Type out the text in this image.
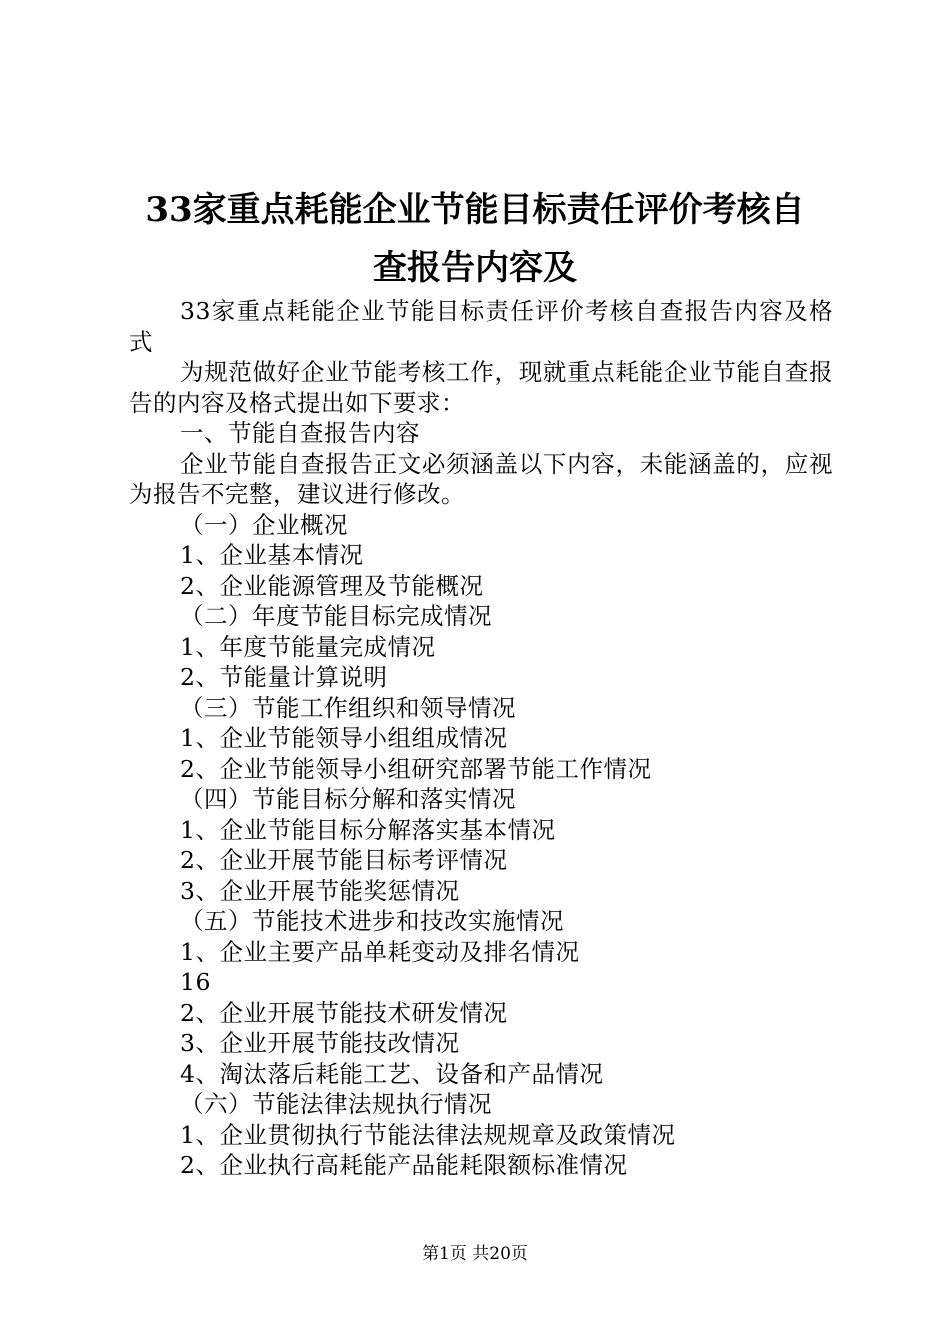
33家重点耗能企业节能目标责任评价考核自
查报告内容及

33家重点耗能企业节能目标责任评价考核自查报告内容及格式

为规范做好企业节能考核工作，现就重点耗能企业节能自查报告的内容及格式提出如下要求：

一、节能自查报告内容

企业节能自查报告正文必须涵盖以下内容，未能涵盖的，应视为报告不完整，建议进行修改。

（一）企业概况

1、企业基本情况

2、企业能源管理及节能概况

（二）年度节能目标完成情况

1、年度节能量完成情况

2、节能量计算说明

（三）节能工作组织和领导情况

1、企业节能领导小组组成情况

2、企业节能领导小组研究部署节能工作情况

（四）节能目标分解和落实情况

1、企业节能目标分解落实基本情况

2、企业开展节能目标考评情况

3、企业开展节能奖惩情况

（五）节能技术进步和技改实施情况

1、企业主要产品单耗变动及排名情况

16

2、企业开展节能技术研发情况

3、企业开展节能技改情况

4、淘汰落后耗能工艺、设备和产品情况

（六）节能法律法规执行情况

1、企业贯彻执行节能法律法规规章及政策情况

2、企业执行高耗能产品能耗限额标准情况

第1页 共20页
